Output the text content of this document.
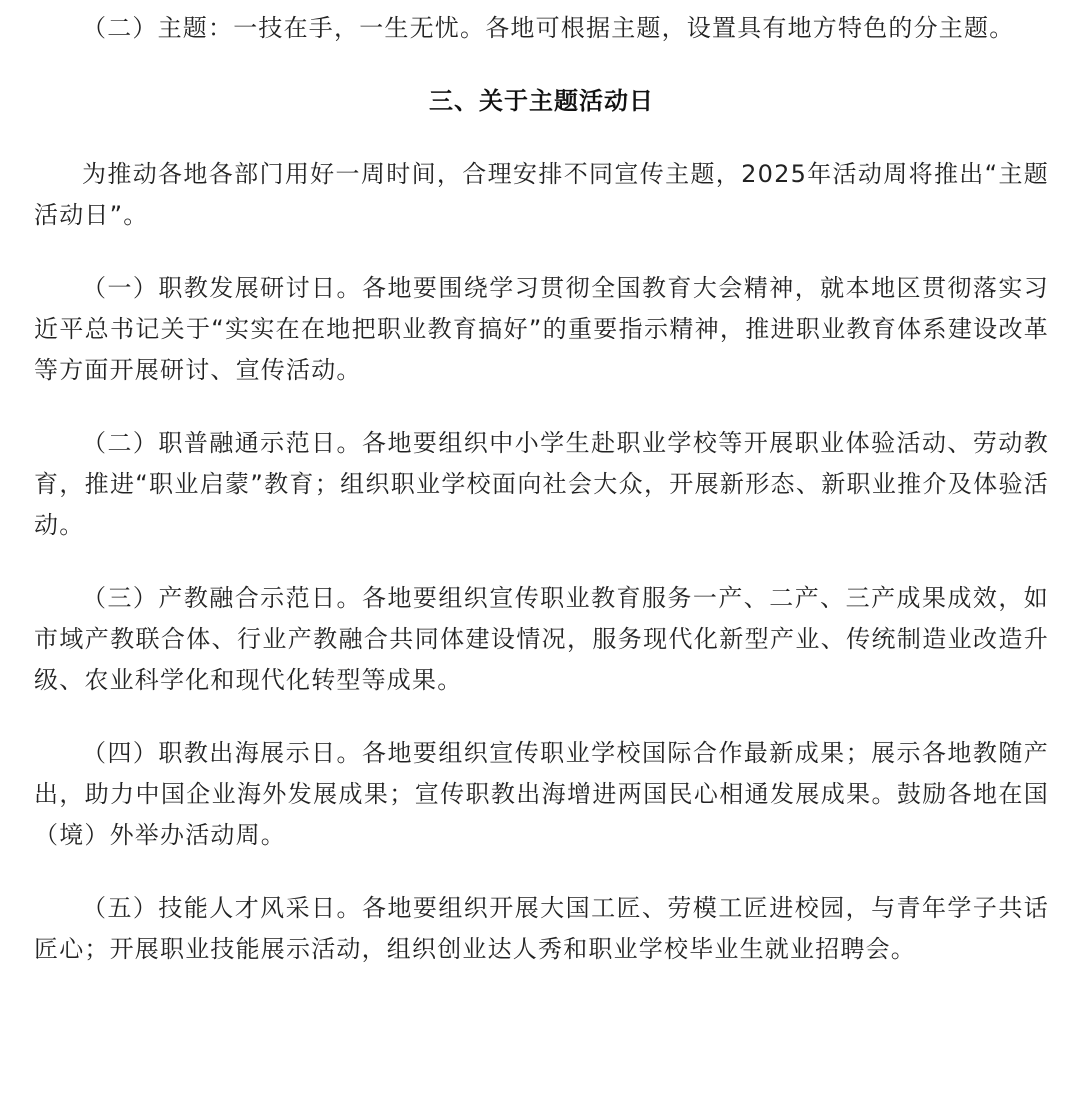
（二）主题：一技在手，一生无忧。各地可根据主题，设置具有地方特色的分主题。

三、关于主题活动日

为推动各地各部门用好一周时间，合理安排不同宣传主题，2025年活动周将推出“主题活动日”。

（一）职教发展研讨日。各地要围绕学习贯彻全国教育大会精神，就本地区贯彻落实习近平总书记关于“实实在在地把职业教育搞好”的重要指示精神，推进职业教育体系建设改革等方面开展研讨、宣传活动。

（二）职普融通示范日。各地要组织中小学生赴职业学校等开展职业体验活动、劳动教育，推进“职业启蒙”教育；组织职业学校面向社会大众，开展新形态、新职业推介及体验活动。

（三）产教融合示范日。各地要组织宣传职业教育服务一产、二产、三产成果成效，如市域产教联合体、行业产教融合共同体建设情况，服务现代化新型产业、传统制造业改造升级、农业科学化和现代化转型等成果。

（四）职教出海展示日。各地要组织宣传职业学校国际合作最新成果；展示各地教随产出，助力中国企业海外发展成果；宣传职教出海增进两国民心相通发展成果。鼓励各地在国（境）外举办活动周。

（五）技能人才风采日。各地要组织开展大国工匠、劳模工匠进校园，与青年学子共话匠心；开展职业技能展示活动，组织创业达人秀和职业学校毕业生就业招聘会。
